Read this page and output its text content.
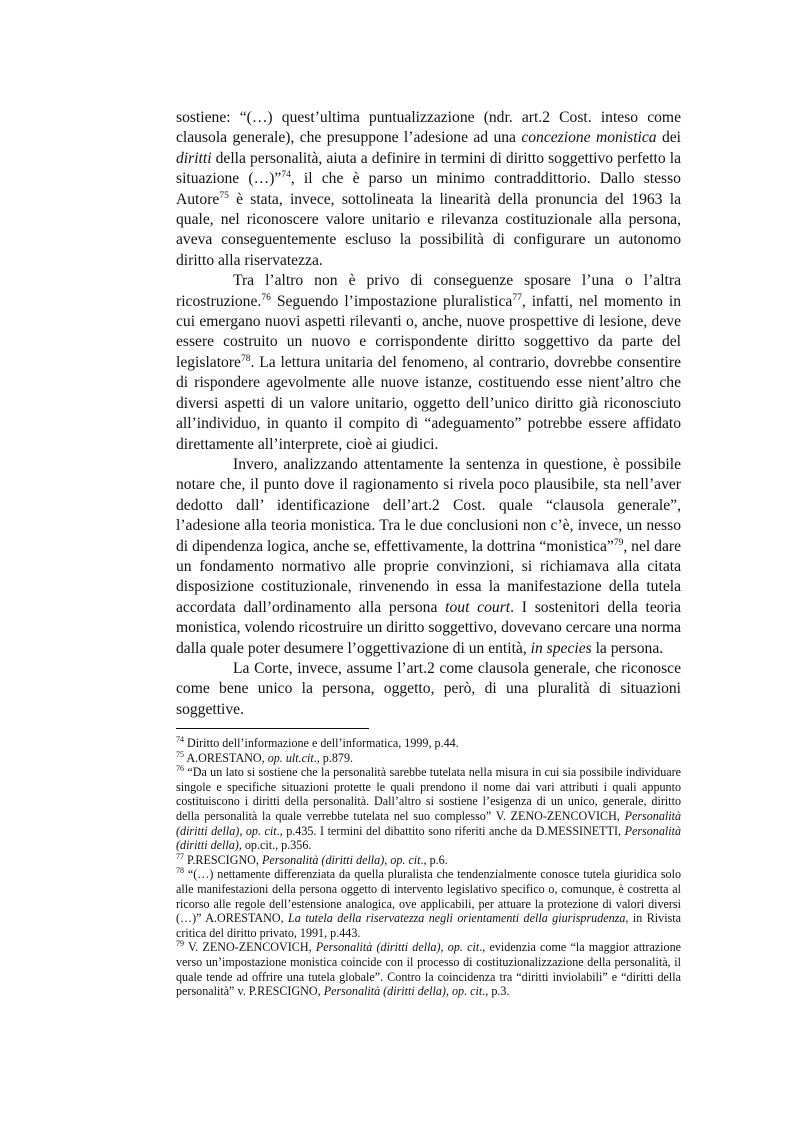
sostiene: “(…) quest’ultima puntualizzazione (ndr. art.2 Cost. inteso come clausola generale), che presuppone l’adesione ad una concezione monistica dei diritti della personalità, aiuta a definire in termini di diritto soggettivo perfetto la situazione (…)”$^{74}$, il che è parso un minimo contraddittorio. Dallo stesso Autore$^{75}$ è stata, invece, sottolineata la linearità della pronuncia del 1963 la quale, nel riconoscere valore unitario e rilevanza costituzionale alla persona, aveva conseguentemente escluso la possibilità di configurare un autonomo diritto alla riservatezza.

Tra l’altro non è privo di conseguenze sposare l’una o l’altra ricostruzione.$^{76}$ Seguendo l’impostazione pluralistica$^{77}$, infatti, nel momento in cui emergano nuovi aspetti rilevanti o, anche, nuove prospettive di lesione, deve essere costruito un nuovo e corrispondente diritto soggettivo da parte del legislatore$^{78}$. La lettura unitaria del fenomeno, al contrario, dovrebbe consentire di rispondere agevolmente alle nuove istanze, costituendo esse nient’altro che diversi aspetti di un valore unitario, oggetto dell’unico diritto già riconosciuto all’individuo, in quanto il compito di “adeguamento” potrebbe essere affidato direttamente all’interprete, cioè ai giudici.

Invero, analizzando attentamente la sentenza in questione, è possibile notare che, il punto dove il ragionamento si rivela poco plausibile, sta nell’aver dedotto dall’ identificazione dell’art.2 Cost. quale “clausola generale”, l’adesione alla teoria monistica. Tra le due conclusioni non c’è, invece, un nesso di dipendenza logica, anche se, effettivamente, la dottrina “monistica”$^{79}$, nel dare un fondamento normativo alle proprie convinzioni, si richiamava alla citata disposizione costituzionale, rinvenendo in essa la manifestazione della tutela accordata dall’ordinamento alla persona tout court. I sostenitori della teoria monistica, volendo ricostruire un diritto soggettivo, dovevano cercare una norma dalla quale poter desumere l’oggettivazione di un entità, in species la persona.

La Corte, invece, assume l’art.2 come clausola generale, che riconosce come bene unico la persona, oggetto, però, di una pluralità di situazioni soggettive.

$^{74}$ Diritto dell’informazione e dell’informatica, 1999, p.44.

$^{75}$ A.ORESTANO, op. ult.cit., p.879.

$^{76}$ “Da un lato si sostiene che la personalità sarebbe tutelata nella misura in cui sia possibile individuare singole e specifiche situazioni protette le quali prendono il nome dai vari attributi i quali appunto costituiscono i diritti della personalità. Dall’altro si sostiene l’esigenza di un unico, generale, diritto della personalità la quale verrebbe tutelata nel suo complesso” V. ZENO-ZENCOVICH, Personalità (diritti della), op. cit., p.435. I termini del dibattito sono riferiti anche da D.MESSINETTI, Personalità (diritti della), op.cit., p.356.

$^{77}$ P.RESCIGNO, Personalità (diritti della), op. cit., p.6.

$^{78}$ “(…) nettamente differenziata da quella pluralista che tendenzialmente conosce tutela giuridica solo alle manifestazioni della persona oggetto di intervento legislativo specifico o, comunque, è costretta al ricorso alle regole dell’estensione analogica, ove applicabili, per attuare la protezione di valori diversi (…)” A.ORESTANO, La tutela della riservatezza negli orientamenti della giurisprudenza, in Rivista critica del diritto privato, 1991, p.443.

$^{79}$ V. ZENO-ZENCOVICH, Personalità (diritti della), op. cit., evidenzia come “la maggior attrazione verso un’impostazione monistica coincide con il processo di costituzionalizzazione della personalità, il quale tende ad offrire una tutela globale”. Contro la coincidenza tra “diritti inviolabili” e “diritti della personalità” v. P.RESCIGNO, Personalità (diritti della), op. cit., p.3.
